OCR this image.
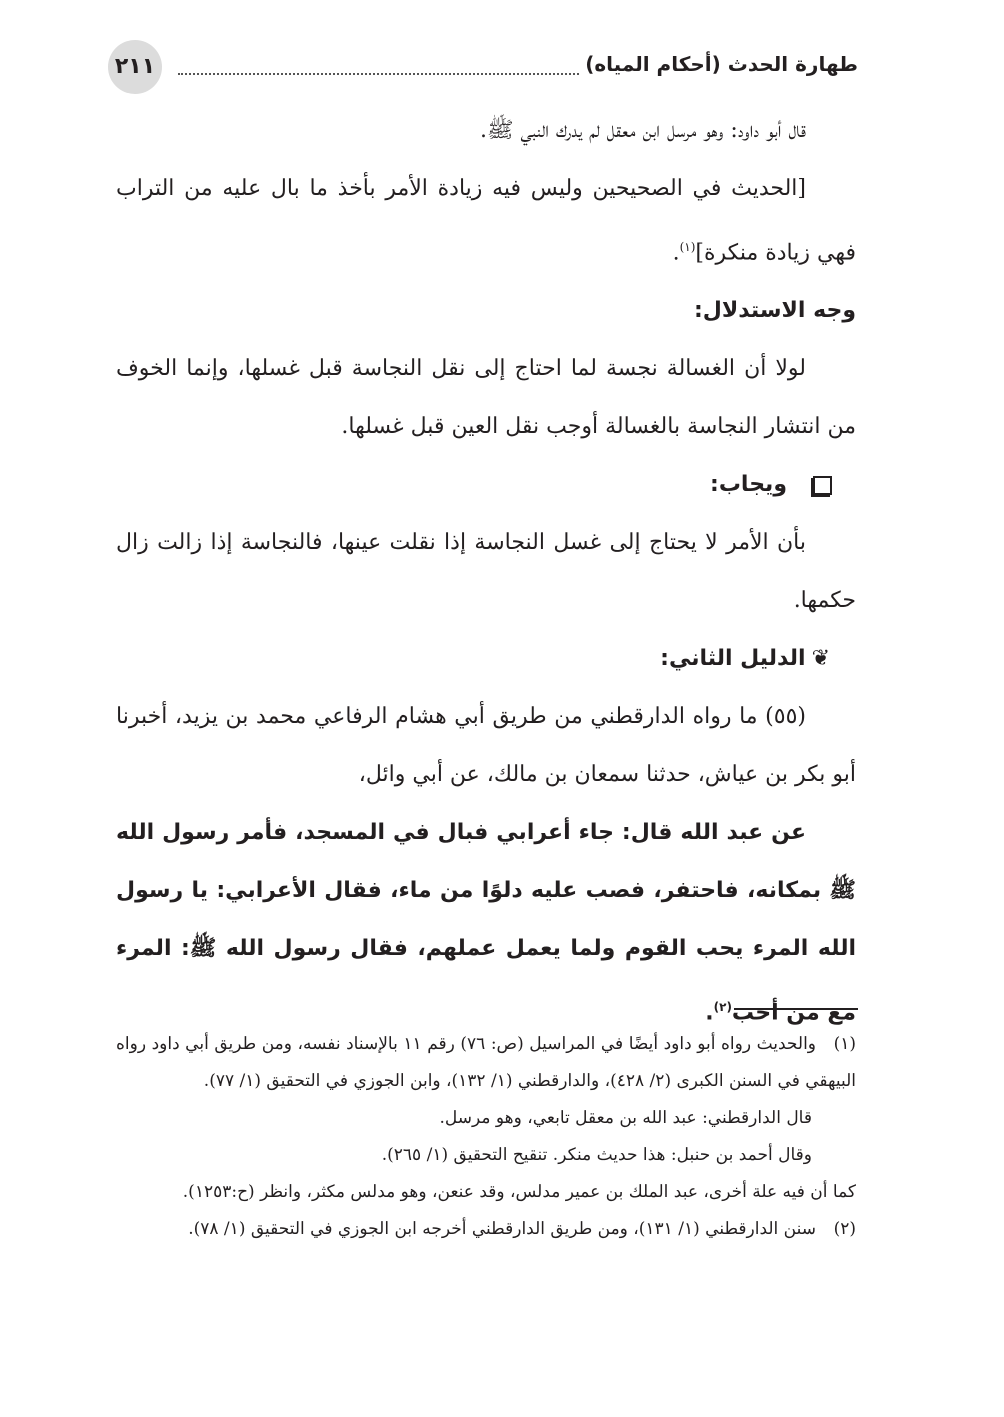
٢١١	طهارة الحدث (أحكام المياه)

قال أبو داود: وهو مرسل ابن معقل لم يدرك النبي ﷺ.

[الحديث في الصحيحين وليس فيه زيادة الأمر بأخذ ما بال عليه من التراب فهي زيادة منكرة]$^{(١)}$.

وجه الاستدلال:

لولا أن الغسالة نجسة لما احتاج إلى نقل النجاسة قبل غسلها، وإنما الخوف من انتشار النجاسة بالغسالة أوجب نقل العين قبل غسلها.

ويجاب:

بأن الأمر لا يحتاج إلى غسل النجاسة إذا نقلت عينها، فالنجاسة إذا زالت زال حكمها.

❦الدليل الثاني:

(٥٥) ما رواه الدارقطني من طريق أبي هشام الرفاعي محمد بن يزيد، أخبرنا أبو بكر بن عياش، حدثنا سمعان بن مالك، عن أبي وائل،

عن عبد الله قال: جاء أعرابي فبال في المسجد، فأمر رسول الله ﷺ بمكانه، فاحتفر، فصب عليه دلوًا من ماء، فقال الأعرابي: يا رسول الله المرء يحب القوم ولما يعمل عملهم، فقال رسول الله ﷺ: المرء مع من أحب$^{(٢)}$.

(١)والحديث رواه أبو داود أيضًا في المراسيل (ص: ٧٦) رقم ١١ بالإسناد نفسه، ومن طريق أبي داود رواه البيهقي في السنن الكبرى (٢/ ٤٢٨)، والدارقطني (١/ ١٣٢)، وابن الجوزي في التحقيق (١/ ٧٧).

قال الدارقطني: عبد الله بن معقل تابعي، وهو مرسل.

وقال أحمد بن حنبل: هذا حديث منكر. تنقيح التحقيق (١/ ٢٦٥).

كما أن فيه علة أخرى، عبد الملك بن عمير مدلس، وقد عنعن، وهو مدلس مكثر، وانظر (ح:١٢٥٣).

(٢)سنن الدارقطني (١/ ١٣١)، ومن طريق الدارقطني أخرجه ابن الجوزي في التحقيق (١/ ٧٨).
